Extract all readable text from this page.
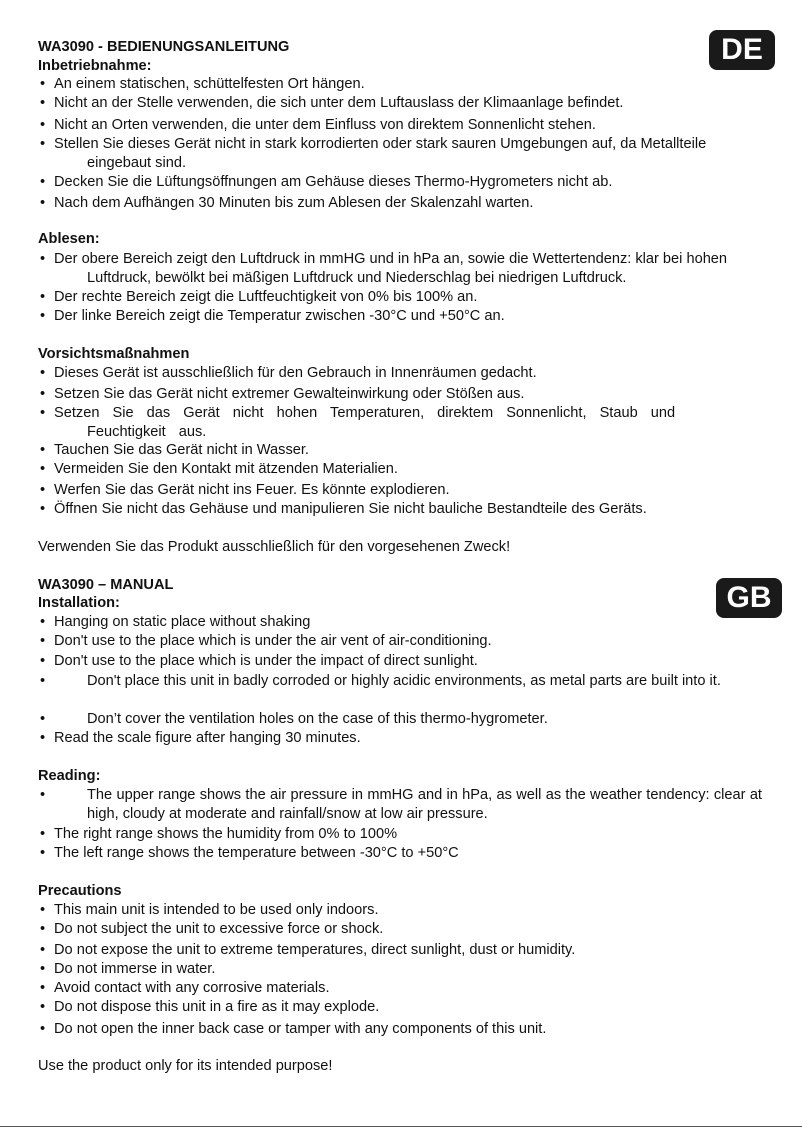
DE
WA3090 - BEDIENUNGSANLEITUNG
Inbetriebnahme:
• An einem statischen, schüttelfesten Ort hängen.
• Nicht an der Stelle verwenden, die sich unter dem Luftauslass der Klimaanlage befindet.
• Nicht an Orten verwenden, die unter dem Einfluss von direktem Sonnenlicht stehen.
• Stellen Sie dieses Gerät nicht in stark korrodierten oder stark sauren Umgebungen auf, da Metallteile eingebaut sind.
• Decken Sie die Lüftungsöffnungen am Gehäuse dieses Thermo-Hygrometers nicht ab.
• Nach dem Aufhängen 30 Minuten bis zum Ablesen der Skalenzahl warten.
Ablesen:
• Der obere Bereich zeigt den Luftdruck in mmHG und in hPa an, sowie die Wettertendenz: klar bei hohen Luftdruck, bewölkt bei mäßigen Luftdruck und Niederschlag bei niedrigen Luftdruck.
• Der rechte Bereich zeigt die Luftfeuchtigkeit von 0% bis 100% an.
• Der linke Bereich zeigt die Temperatur zwischen -30°C und +50°C an.
Vorsichtsmaßnahmen
• Dieses Gerät ist ausschließlich für den Gebrauch in Innenräumen gedacht.
• Setzen Sie das Gerät nicht extremer Gewalteinwirkung oder Stößen aus.
• Setzen Sie das Gerät nicht hohen Temperaturen, direktem Sonnenlicht, Staub und Feuchtigkeit aus.
• Tauchen Sie das Gerät nicht in Wasser.
• Vermeiden Sie den Kontakt mit ätzenden Materialien.
• Werfen Sie das Gerät nicht ins Feuer. Es könnte explodieren.
• Öffnen Sie nicht das Gehäuse und manipulieren Sie nicht bauliche Bestandteile des Geräts.
Verwenden Sie das Produkt ausschließlich für den vorgesehenen Zweck!
GB
WA3090 – MANUAL
Installation:
• Hanging on static place without shaking
• Don't use to the place which is under the air vent of air-conditioning.
• Don't use to the place which is under the impact of direct sunlight.
•	Don't place this unit in badly corroded or highly acidic environments, as metal parts are built into it.
•	Don’t cover the ventilation holes on the case of this thermo-hygrometer.
• Read the scale figure after hanging 30 minutes.
Reading:
•	The upper range shows the air pressure in mmHG and in hPa, as well as the weather tendency: clear at high, cloudy at moderate and rainfall/snow at low air pressure.
• The right range shows the humidity from 0% to 100%
• The left range shows the temperature between -30°C to +50°C
Precautions
• This main unit is intended to be used only indoors.
• Do not subject the unit to excessive force or shock.
• Do not expose the unit to extreme temperatures, direct sunlight, dust or humidity.
• Do not immerse in water.
• Avoid contact with any corrosive materials.
• Do not dispose this unit in a fire as it may explode.
• Do not open the inner back case or tamper with any components of this unit.
Use the product only for its intended purpose!
